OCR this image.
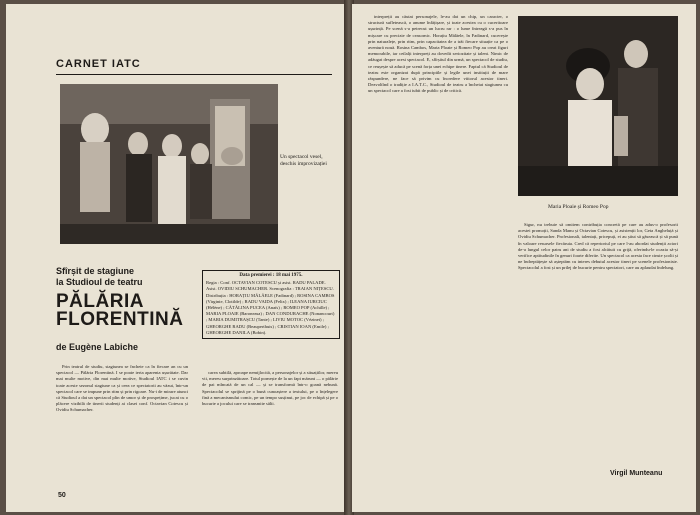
CARNET IATC
Un spectacol vesel, deschis improvizației
Sfîrșit de stagiune
la Studioul de teatru
PĂLĂRIA
FLORENTINĂ
de Eugène Labiche
Data premierei : 18 mai 1975.
Regia : Conf. OCTAVIAN COTESCU și asist. RADU PALADE. Asist. OVIDIU SCHUMACHER. Scenografia : TRAIAN NIȚESCU. Distribuția : HORAȚIU MĂLĂELE (Fadinard) ; ROSINA CAMBOS (Virginie, Clotilde) ; RADU VAIDA (Felix) ; ILEANA IURCIUC (Hélène) ; CĂTĂLINA PUCEA (Anaïs) ; ROMEO POP (Achille) ; MARIA PLOAIE (Baroneasa) ; DAN CONDURACHE (Nonancourt) ; MARIA DUMITRAȘCU (Tante) ; LIVIU MOTOC (Vézinet) ; GHEORGHE RADU (Beauperthuis) ; CRISTIAN IOAN (Emile) ; GHEORGHE DANILA (Bobin).

Prin teatrul de studiu, stagiunea se încheie ca în fiecare an cu un spectacol — Pălăria Florentină. I se poate ierta aparenta ușurătate. Dar mai multe motive, din mai multe motive, Studioul IATC i se cuvin toate aceste sezonul stagiune ca și ceea ce spectatorii au văzut, într-un spectacol care se impune prin ritm și prin rigoare. Nu-i de mirare atunci că Studioul a dat un spectacol plin de umor și de prospețime, jucat cu o plăcere vizibilă de tinerii studenți ai clasei conf. Octavian Cotescu și Ovidiu Schumacher.

carea subtilă, aproape nemijlocită, a personajelor și a situațiilor, mereu vii, mereu surprinzătoare. Totul pornește de la un fapt mărunt — o pălărie de pai mîncată de un cal — și se transformă într-o goană nebună. Spectacolul se sprijină pe o bună cunoaștere a textului, pe o înțelegere fină a mecanismului comic, pe un tempo susținut, pe joc de echipă și pe o bucurie a jocului care se transmite sălii.

50
Maria Ploaie și Romeo Pop

interpreții au căutat personajele, le-au dat un chip, un caracter, o structură sufletească, o anume înfățișare, și toate acestea cu o cuceritoare ușurință. Pe scenă s-a petrecut un lucru rar : o lume întreagă s-a pus în mișcare cu precizie de ceasornic. Horațiu Mălăele, în Fadinard, cucerește prin naturalețe, prin ritm, prin capacitatea de a trăi fiecare situație ca pe o aventură nouă. Rosina Cambos, Maria Ploaie și Romeo Pop au creat figuri memorabile, iar ceilalți interpreți au dovedit seriozitate și talent. Nimic de adăugat despre acest spectacol. E, sfîrșitul din urmă, un spectacol de studiu, ce reușește să aducă pe scenă forța unei echipe tinere. Faptul că Studioul de teatru este organizat după principiile și legile unei instituții de mare răspundere, ne face să privim cu încredere viitorul acestor tineri. Dezvoltînd o tradiție a I.A.T.C., Studioul de teatru a încheiat stagiunea cu un spectacol care a fost iubit de public și de critică.

Sigur, nu trebuie să omitem contribuția concretă pe care au adus-o profesorii acestei promoții, Sanda Manu și Octavian Cotescu, și asistenții lor, Geta Angheluță și Ovidiu Schumacher. Profesionali, talentați, pricepuți, ei au știut să găsească și să pună în valoare resursele fiecăruia. Cred că repertoriul pe care l-au abordat studenții actori de-a lungul celor patru ani de studiu a fost alcătuit cu grijă, oferindu-le ocazia să-și verifice aptitudinile în genuri foarte diferite. Un spectacol ca acesta face cinste școlii și ne îndreptățește să așteptăm cu interes debutul acestor tineri pe scenele profesioniste. Spectacolul a fost și un prilej de bucurie pentru spectatori, care au aplaudat îndelung.

Virgil Munteanu
